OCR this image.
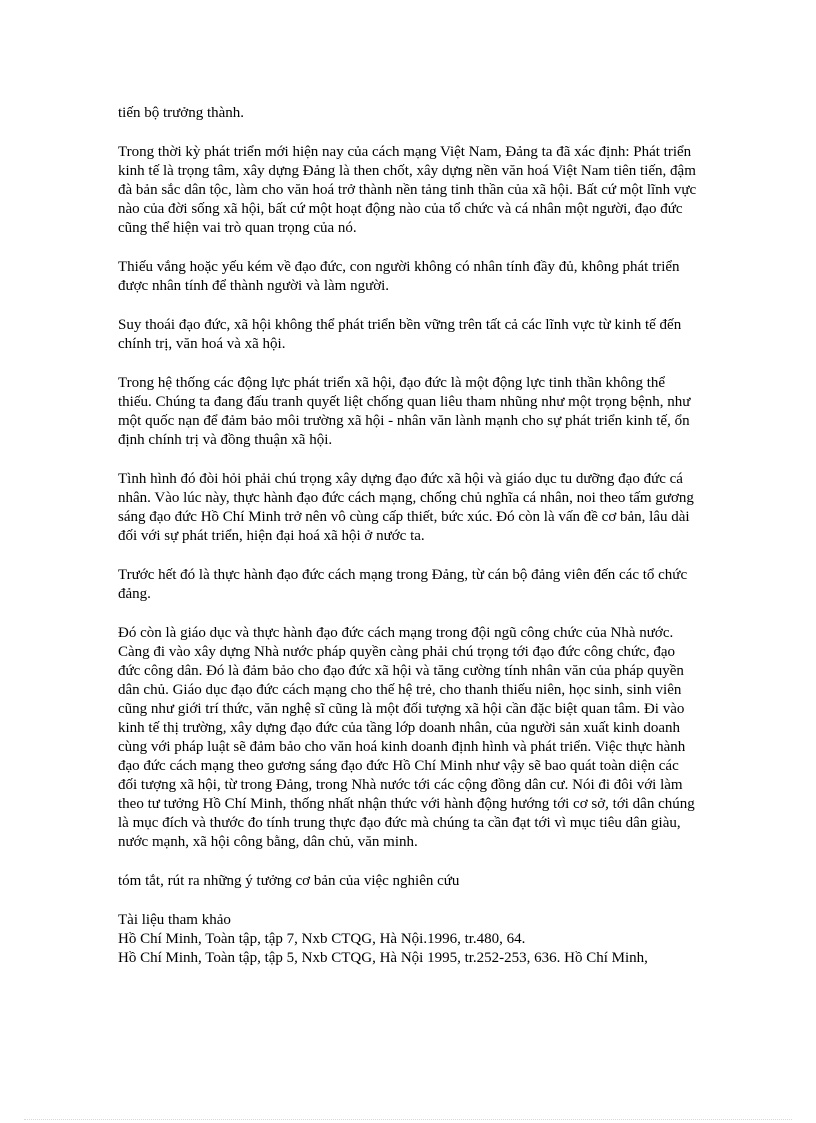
tiến bộ trưởng thành.

Trong thời kỳ phát triển mới hiện nay của cách mạng Việt Nam, Đảng ta đã xác định: Phát triển kinh tế là trọng tâm, xây dựng Đảng là then chốt, xây dựng nền văn hoá Việt Nam tiên tiến, đậm đà bản sắc dân tộc, làm cho văn hoá trở thành nền tảng tinh thần của xã hội. Bất cứ một lĩnh vực nào của đời sống xã hội, bất cứ một hoạt động nào của tổ chức và cá nhân một người, đạo đức cũng thể hiện vai trò quan trọng của nó.

Thiếu vắng hoặc yếu kém về đạo đức, con người không có nhân tính đầy đủ, không phát triển được nhân tính để thành người và làm người.

Suy thoái đạo đức, xã hội không thể phát triển bền vững trên tất cả các lĩnh vực từ kinh tế đến chính trị, văn hoá và xã hội.

Trong hệ thống các động lực phát triển xã hội, đạo đức là một động lực tinh thần không thể thiếu. Chúng ta đang đấu tranh quyết liệt chống quan liêu tham nhũng như một trọng bệnh, như một quốc nạn để đảm bảo môi trường xã hội - nhân văn lành mạnh cho sự phát triển kinh tế, ổn định chính trị và đồng thuận xã hội.

Tình hình đó đòi hỏi phải chú trọng xây dựng đạo đức xã hội và giáo dục tu dưỡng đạo đức cá nhân. Vào lúc này, thực hành đạo đức cách mạng, chống chủ nghĩa cá nhân, noi theo tấm gương sáng đạo đức Hồ Chí Minh trở nên vô cùng cấp thiết, bức xúc. Đó còn là vấn đề cơ bản, lâu dài đối với sự phát triển, hiện đại hoá xã hội ở nước ta.

Trước hết đó là thực hành đạo đức cách mạng trong Đảng, từ cán bộ đảng viên đến các tổ chức đảng.

Đó còn là giáo dục và thực hành đạo đức cách mạng trong đội ngũ công chức của Nhà nước. Càng đi vào xây dựng Nhà nước pháp quyền càng phải chú trọng tới đạo đức công chức, đạo đức công dân. Đó là đảm bảo cho đạo đức xã hội và tăng cường tính nhân văn của pháp quyền dân chủ. Giáo dục đạo đức cách mạng cho thế hệ trẻ, cho thanh thiếu niên, học sinh, sinh viên cũng như giới trí thức, văn nghệ sĩ cũng là một đối tượng xã hội cần đặc biệt quan tâm. Đi vào kinh tế thị trường, xây dựng đạo đức của tầng lớp doanh nhân, của người sản xuất kinh doanh cùng với pháp luật sẽ đảm bảo cho văn hoá kinh doanh định hình và phát triển. Việc thực hành đạo đức cách mạng theo gương sáng đạo đức Hồ Chí Minh như vậy sẽ bao quát toàn diện các đối tượng xã hội, từ trong Đảng, trong Nhà nước tới các cộng đồng dân cư. Nói đi đôi với làm theo tư tưởng Hồ Chí Minh, thống nhất nhận thức với hành động hướng tới cơ sở, tới dân chúng là mục đích và thước đo tính trung thực đạo đức mà chúng ta cần đạt tới vì mục tiêu dân giàu, nước mạnh, xã hội công bằng, dân chủ, văn minh.

tóm tắt, rút ra những ý tưởng cơ bản của việc nghiên cứu

Tài liệu tham khảo
Hồ Chí Minh, Toàn tập, tập 7, Nxb CTQG, Hà Nội.1996, tr.480, 64.
Hồ Chí Minh, Toàn tập, tập 5, Nxb CTQG, Hà Nội 1995, tr.252-253, 636. Hồ Chí Minh,
